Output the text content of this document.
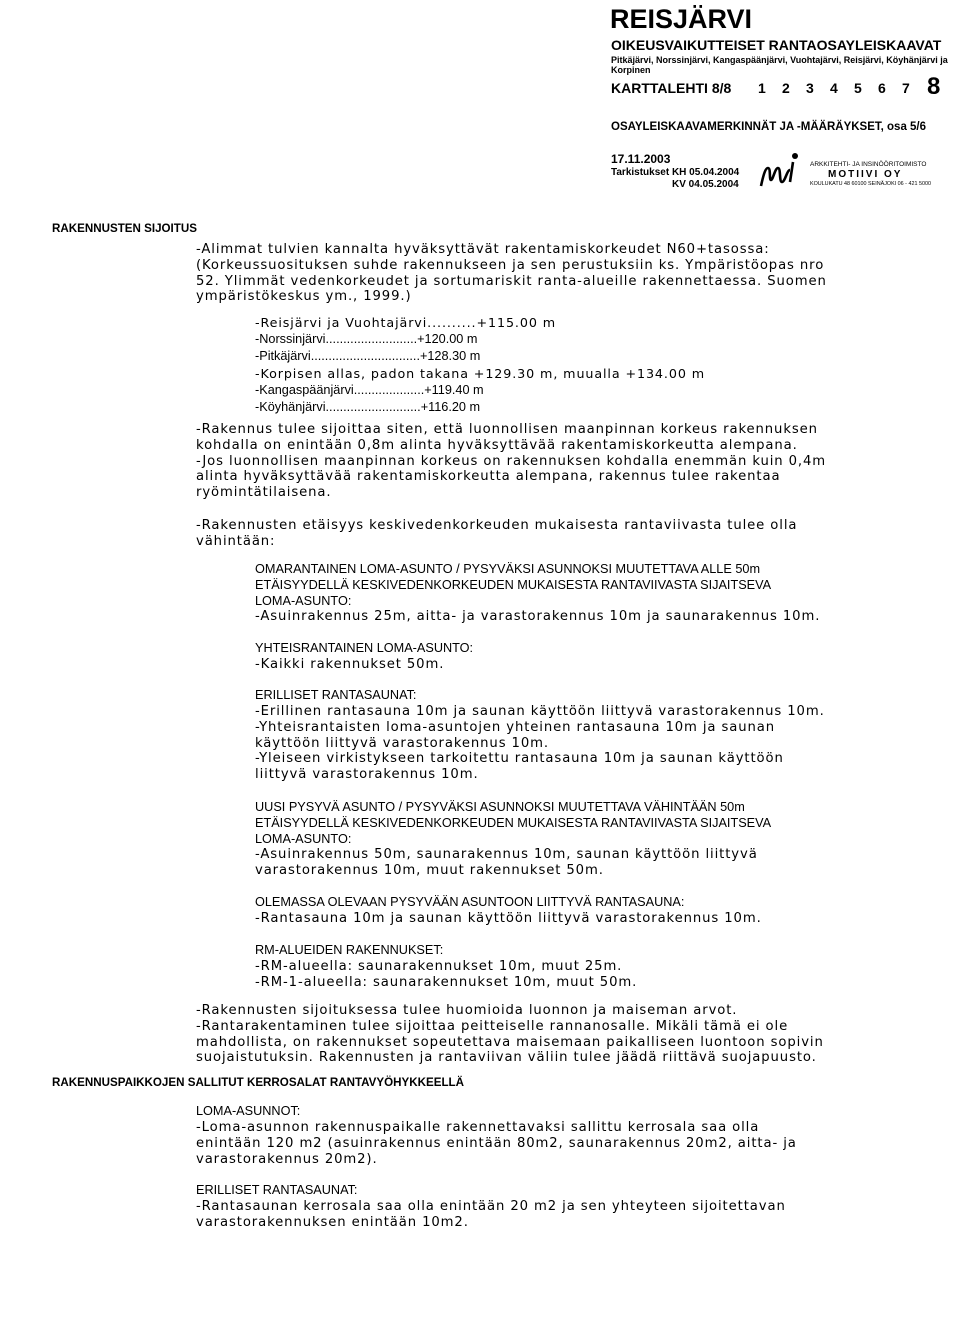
REISJÄRVI
OIKEUSVAIKUTTEISET RANTAOSAYLEISKAAVAT
Pitkäjärvi, Norssinjärvi, Kangaspäänjärvi, Vuohtajärvi, Reisjärvi, Köyhänjärvi ja Korpinen
KARTTALEHTI 8/8 1 2 3 4 5 6 7 8
OSAYLEISKAAVAMERKINNÄT JA -MÄÄRÄYKSET, osa 5/6
17.11.2003
Tarkistukset KH 05.04.2004
KV 04.05.2004
ARKKITEHTI- JA INSINÖÖRITOIMISTO
MOTIIVI OY
KOULUKATU 48 60100 SEINÄJOKI 06 - 421 5000
RAKENNUSTEN SIJOITUS
-Alimmat tulvien kannalta hyväksyttävät rakentamiskorkeudet N60+tasossa:
(Korkeussuosituksen suhde rakennukseen ja sen perustuksiin ks. Ympäristöopas nro
52. Ylimmät vedenkorkeudet ja sortumariskit ranta-alueille rakennettaessa. Suomen
ympäristökeskus ym., 1999.)
-Reisjärvi ja Vuohtajärvi..........+115.00 m
-Norssinjärvi..........................+120.00 m
-Pitkäjärvi...............................+128.30 m
-Korpisen allas, padon takana +129.30 m, muualla +134.00 m
-Kangaspäänjärvi....................+119.40 m
-Köyhänjärvi...........................+116.20 m
-Rakennus tulee sijoittaa siten, että luonnollisen maanpinnan korkeus rakennuksen
kohdalla on enintään 0,8m alinta hyväksyttävää rakentamiskorkeutta alempana.
-Jos luonnollisen maanpinnan korkeus on rakennuksen kohdalla enemmän kuin 0,4m
alinta hyväksyttävää rakentamiskorkeutta alempana, rakennus tulee rakentaa
ryömintätilaisena.
-Rakennusten etäisyys keskivedenkorkeuden mukaisesta rantaviivasta tulee olla
vähintään:
OMARANTAINEN LOMA-ASUNTO / PYSYVÄKSI ASUNNOKSI MUUTETTAVA ALLE 50m
ETÄISYYDELLÄ KESKIVEDENKORKEUDEN MUKAISESTA RANTAVIIVASTA SIJAITSEVA
LOMA-ASUNTO:
-Asuinrakennus 25m, aitta- ja varastorakennus 10m ja saunarakennus 10m.
YHTEISRANTAINEN LOMA-ASUNTO:
-Kaikki rakennukset 50m.
ERILLISET RANTASAUNAT:
-Erillinen rantasauna 10m ja saunan käyttöön liittyvä varastorakennus 10m.
-Yhteisrantaisten loma-asuntojen yhteinen rantasauna 10m ja saunan
käyttöön liittyvä varastorakennus 10m.
-Yleiseen virkistykseen tarkoitettu rantasauna 10m ja saunan käyttöön
liittyvä varastorakennus 10m.
UUSI PYSYVÄ ASUNTO / PYSYVÄKSI ASUNNOKSI MUUTETTAVA VÄHINTÄÄN 50m
ETÄISYYDELLÄ KESKIVEDENKORKEUDEN MUKAISESTA RANTAVIIVASTA SIJAITSEVA
LOMA-ASUNTO:
-Asuinrakennus 50m, saunarakennus 10m, saunan käyttöön liittyvä
varastorakennus 10m, muut rakennukset 50m.
OLEMASSA OLEVAAN PYSYVÄÄN ASUNTOON LIITTYVÄ RANTASAUNA:
-Rantasauna 10m ja saunan käyttöön liittyvä varastorakennus 10m.
RM-ALUEIDEN RAKENNUKSET:
-RM-alueella: saunarakennukset 10m, muut 25m.
-RM-1-alueella: saunarakennukset 10m, muut 50m.
-Rakennusten sijoituksessa tulee huomioida luonnon ja maiseman arvot.
-Rantarakentaminen tulee sijoittaa peitteiselle rannanosalle. Mikäli tämä ei ole
mahdollista, on rakennukset sopeutettava maisemaan paikalliseen luontoon sopivin
suojaistutuksin. Rakennusten ja rantaviivan väliin tulee jäädä riittävä suojapuusto.
RAKENNUSPAIKKOJEN SALLITUT KERROSALAT RANTAVYÖHYKKEELLÄ
LOMA-ASUNNOT:
-Loma-asunnon rakennuspaikalle rakennettavaksi sallittu kerrosala saa olla
enintään 120 m2 (asuinrakennus enintään 80m2, saunarakennus 20m2, aitta- ja
varastorakennus 20m2).
ERILLISET RANTASAUNAT:
-Rantasaunan kerrosala saa olla enintään 20 m2 ja sen yhteyteen sijoitettavan
varastorakennuksen enintään 10m2.
